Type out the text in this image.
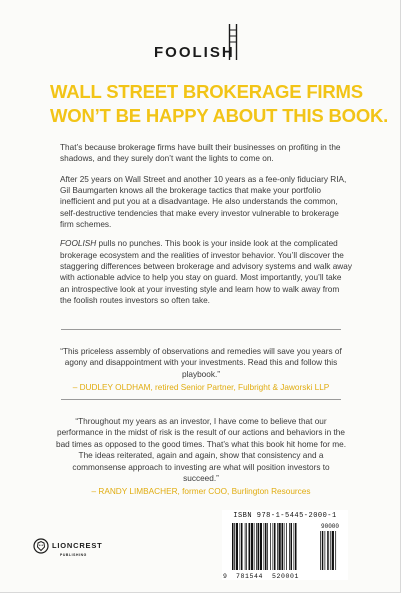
FOOLISH
WALL STREET BROKERAGE FIRMS
WON’T BE HAPPY ABOUT THIS BOOK.

That’s because brokerage firms have built their businesses on profiting in the shadows, and they surely don’t want the lights to come on.

After 25 years on Wall Street and another 10 years as a fee-only fiduciary RIA, Gil Baumgarten knows all the brokerage tactics that make your portfolio inefficient and put you at a disadvantage. He also understands the common, self-destructive tendencies that make every investor vulnerable to brokerage firm schemes.

FOOLISH pulls no punches. This book is your inside look at the complicated brokerage ecosystem and the realities of investor behavior. You’ll discover the staggering differences between brokerage and advisory systems and walk away with actionable advice to help you stay on guard. Most importantly, you’ll take an introspective look at your investing style and learn how to walk away from the foolish routes investors so often take.

“This priceless assembly of observations and remedies will save you years of agony and disappointment with your investments. Read this and follow this playbook.”
– DUDLEY OLDHAM, retired Senior Partner, Fulbright & Jaworski LLP
“Throughout my years as an investor, I have come to believe that our performance in the midst of risk is the result of our actions and behaviors in the bad times as opposed to the good times. That’s what this book hit home for me. The ideas reiterated, again and again, show that consistency and a commonsense approach to investing are what will position investors to succeed.”
– RANDY LIMBACHER, former COO, Burlington Resources
LIONCREST
PUBLISHING
ISBN 978-1-5445-2000-1
9 781544 520001
90000
